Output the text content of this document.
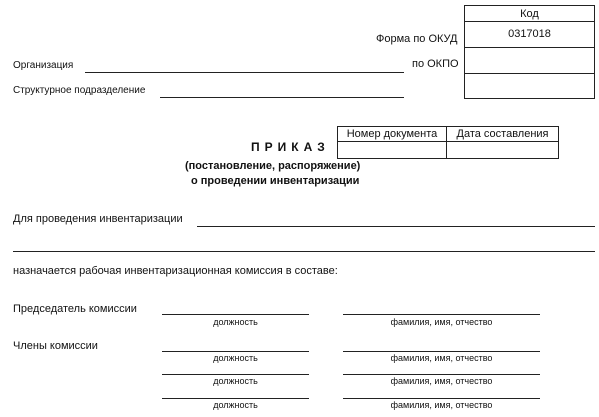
Код
0317018
Форма по ОКУД
по ОКПО
Организация
Структурное подразделение
Номер документа	Дата составления
ПРИКАЗ
(постановление, распоряжение)
о проведении инвентаризации
Для проведения инвентаризации
назначается рабочая инвентаризационная комиссия в составе:
Председатель комиссии
должность	фамилия, имя, отчество
Члены комиссии
должность	фамилия, имя, отчество
должность	фамилия, имя, отчество
должность	фамилия, имя, отчество
